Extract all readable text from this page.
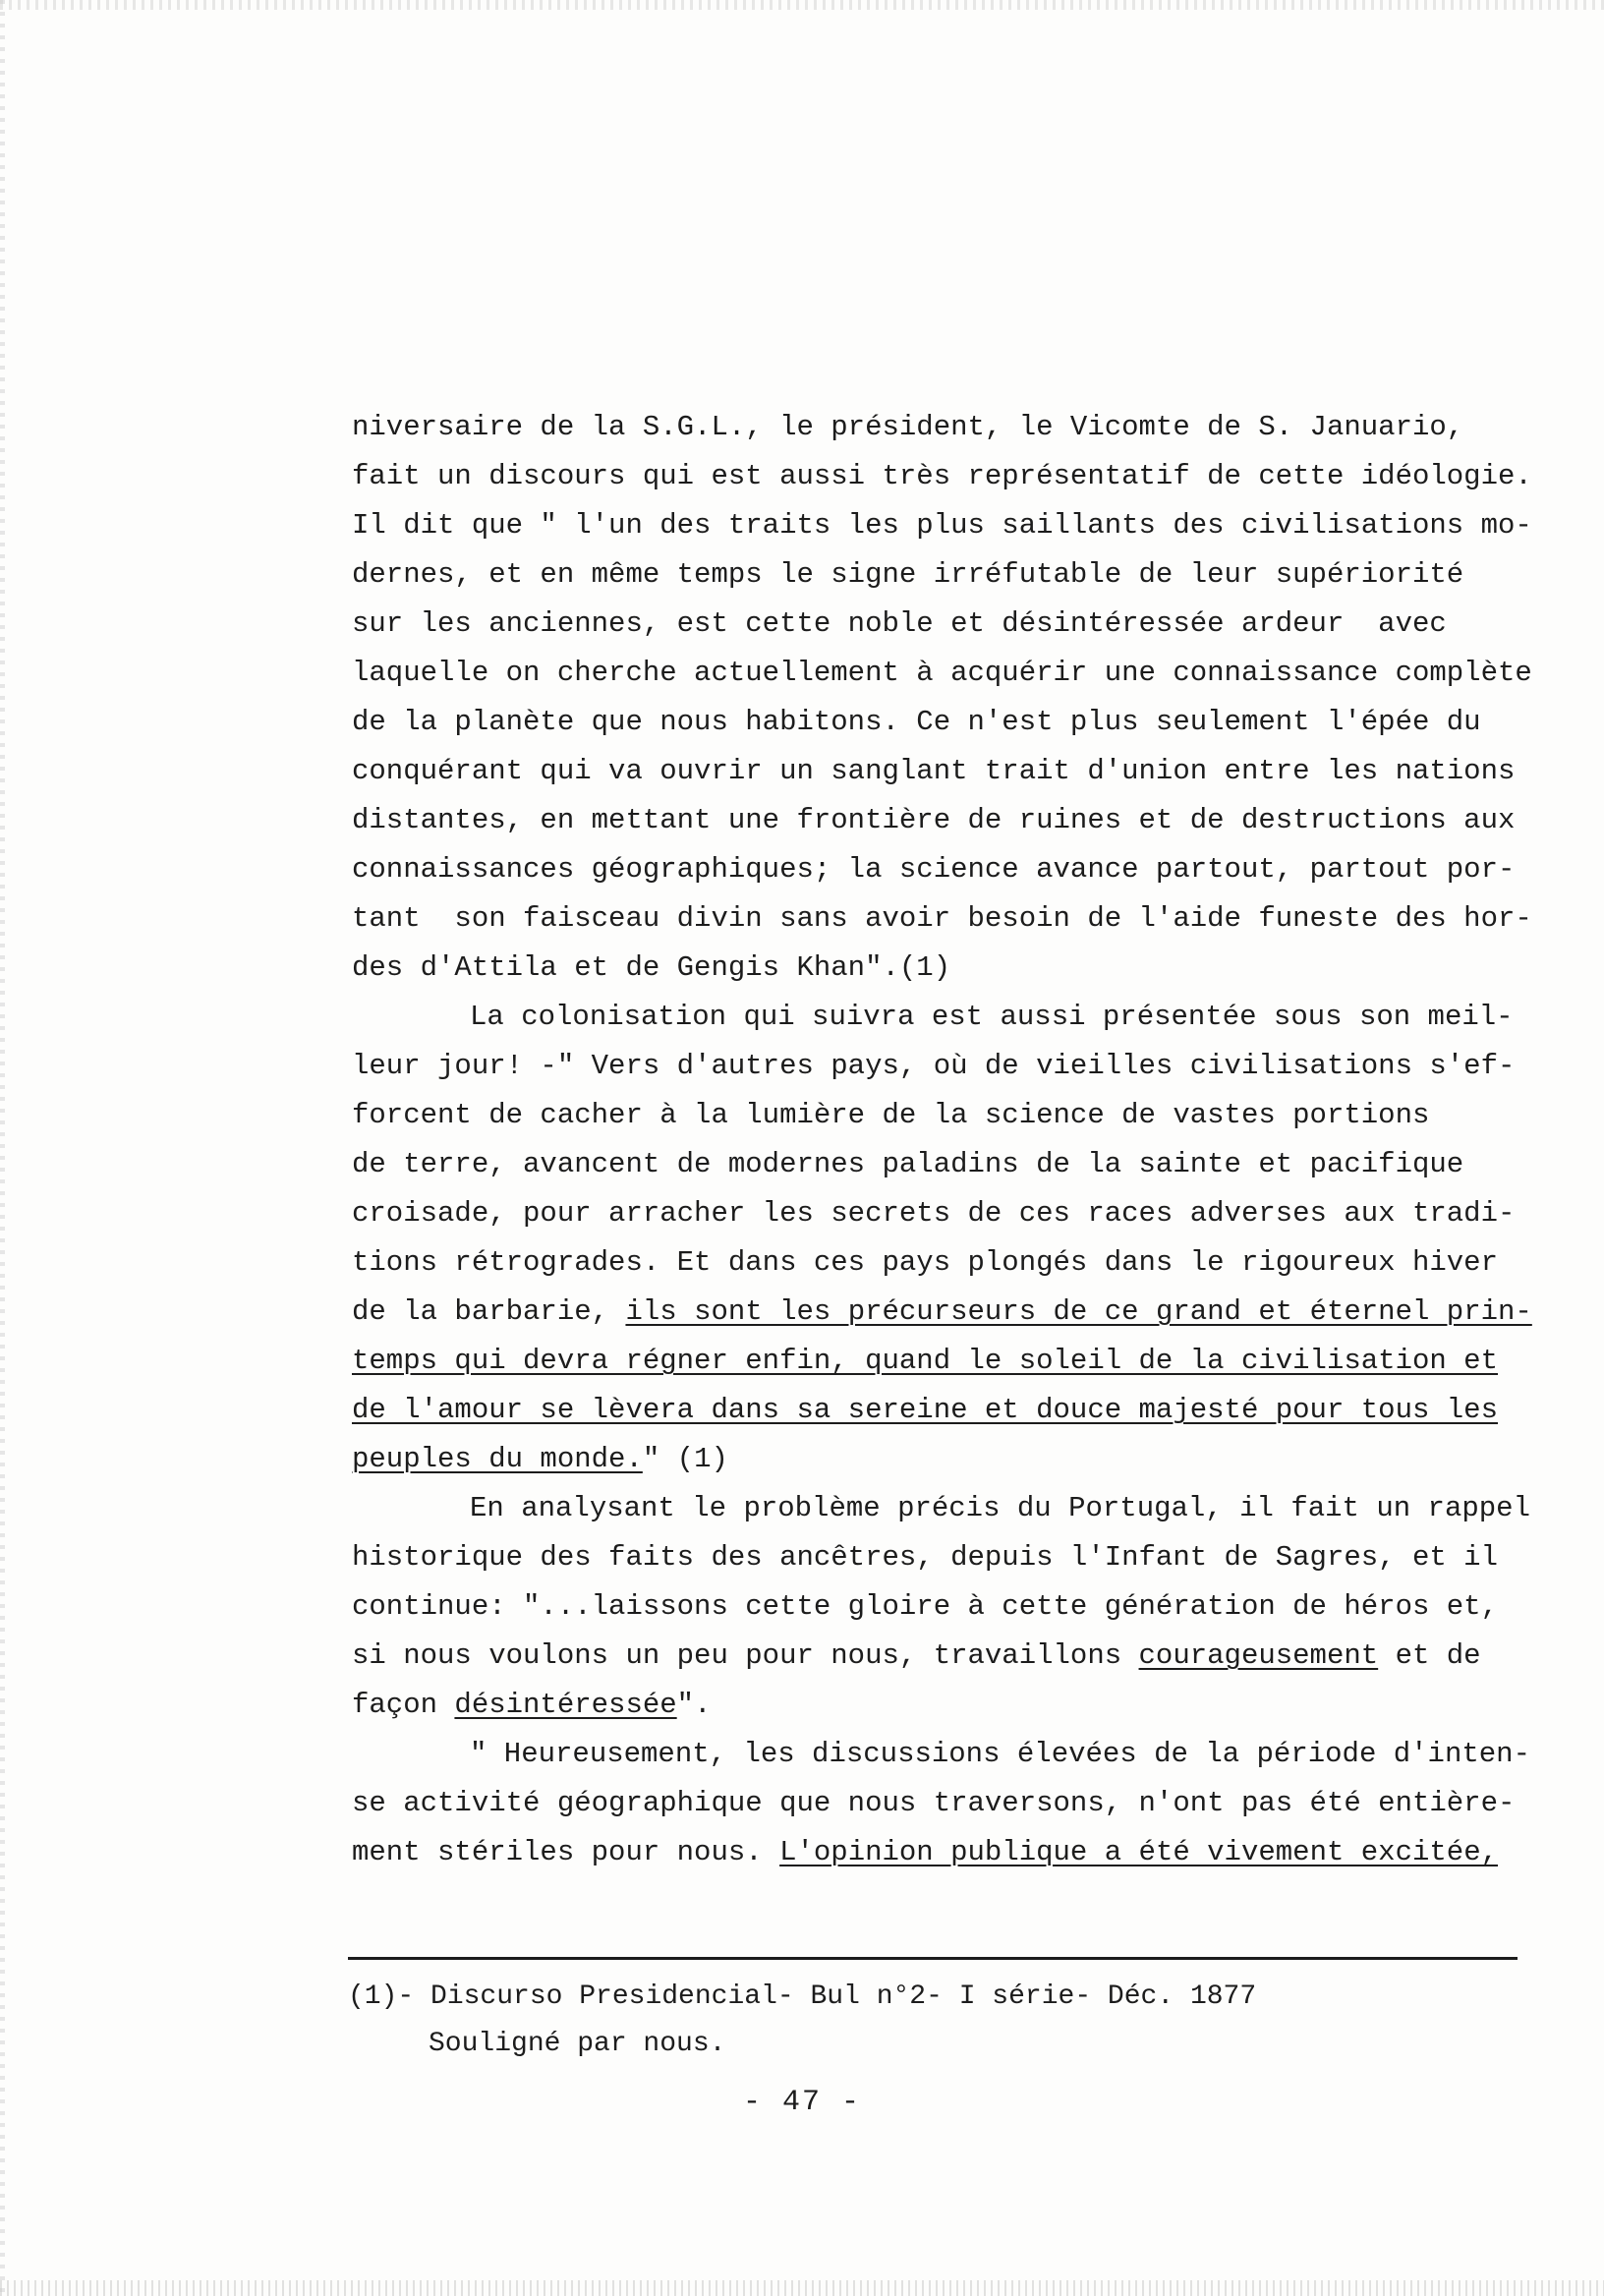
niversaire de la S.G.L., le président, le Vicomte de S. Januario,
fait un discours qui est aussi très représentatif de cette idéologie.
Il dit que " l'un des traits les plus saillants des civilisations mo-
dernes, et en même temps le signe irréfutable de leur supériorité
sur les anciennes, est cette noble et désintéressée ardeur  avec
laquelle on cherche actuellement à acquérir une connaissance complète
de la planète que nous habitons. Ce n'est plus seulement l'épée du
conquérant qui va ouvrir un sanglant trait d'union entre les nations
distantes, en mettant une frontière de ruines et de destructions aux
connaissances géographiques; la science avance partout, partout por-
tant  son faisceau divin sans avoir besoin de l'aide funeste des hor-
des d'Attila et de Gengis Khan".(1)
La colonisation qui suivra est aussi présentée sous son meil-
leur jour! -" Vers d'autres pays, où de vieilles civilisations s'ef-
forcent de cacher à la lumière de la science de vastes portions
de terre, avancent de modernes paladins de la sainte et pacifique
croisade, pour arracher les secrets de ces races adverses aux tradi-
tions rétrogrades. Et dans ces pays plongés dans le rigoureux hiver
de la barbarie, ils sont les précurseurs de ce grand et éternel prin-
temps qui devra régner enfin, quand le soleil de la civilisation et
de l'amour se lèvera dans sa sereine et douce majesté pour tous les
peuples du monde." (1)
En analysant le problème précis du Portugal, il fait un rappel
historique des faits des ancêtres, depuis l'Infant de Sagres, et il
continue: "...laissons cette gloire à cette génération de héros et,
si nous voulons un peu pour nous, travaillons courageusement et de
façon désintéressée".
" Heureusement, les discussions élevées de la période d'inten-
se activité géographique que nous traversons, n'ont pas été entière-
ment stériles pour nous. L'opinion publique a été vivement excitée,
(1)- Discurso Presidencial- Bul n°2- I série- Déc. 1877
Souligné par nous.
- 47 -
